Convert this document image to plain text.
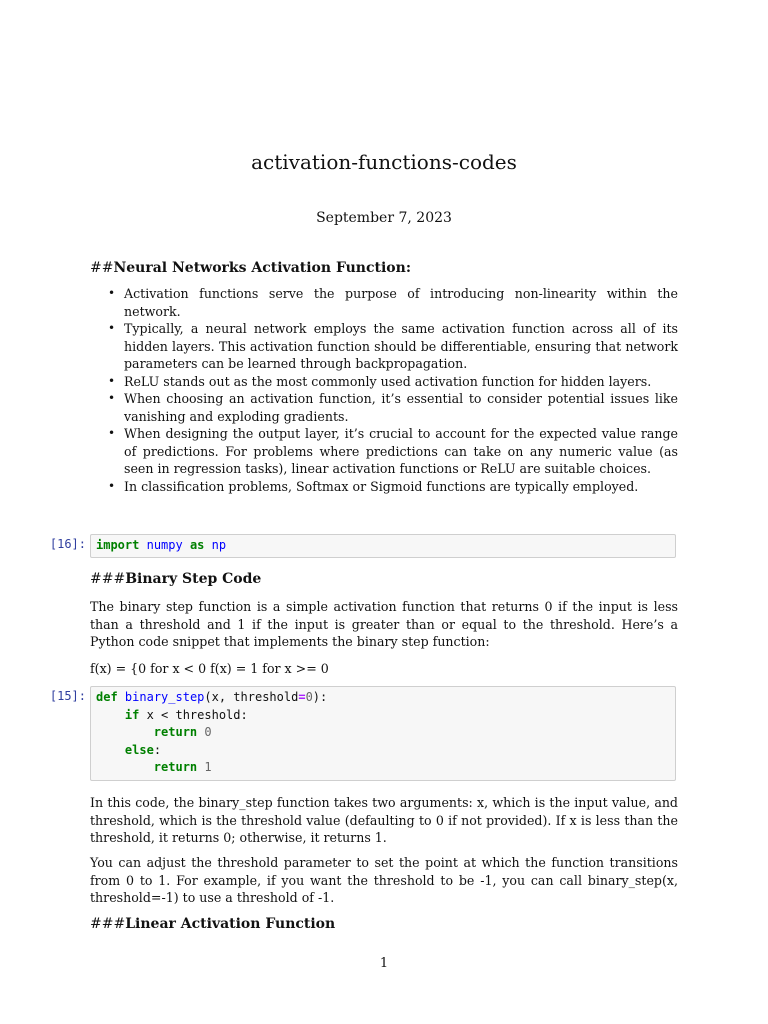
activation-functions-codes
September 7, 2023
##Neural Networks Activation Function:
• Activation functions serve the purpose of introducing non-linearity within the network.
• Typically, a neural network employs the same activation function across all of its hidden layers. This activation function should be differentiable, ensuring that network parameters can be learned through backpropagation.
• ReLU stands out as the most commonly used activation function for hidden layers.
• When choosing an activation function, it’s essential to consider potential issues like vanishing and exploding gradients.
• When designing the output layer, it’s crucial to account for the expected value range of predictions. For problems where predictions can take on any numeric value (as seen in regression tasks), linear activation functions or ReLU are suitable choices.
• In classification problems, Softmax or Sigmoid functions are typically employed.
[16]: import numpy as np
###Binary Step Code

The binary step function is a simple activation function that returns 0 if the input is less than a threshold and 1 if the input is greater than or equal to the threshold. Here’s a Python code snippet that implements the binary step function:

f(x) = {0 for x < 0 f(x) = 1 for x >= 0

[15]: def binary_step(x, threshold=0):
if x < threshold:
return 0
else:
return 1

In this code, the binary_step function takes two arguments: x, which is the input value, and threshold, which is the threshold value (defaulting to 0 if not provided). If x is less than the threshold, it returns 0; otherwise, it returns 1.

You can adjust the threshold parameter to set the point at which the function transitions from 0 to 1. For example, if you want the threshold to be -1, you can call binary_step(x, threshold=-1) to use a threshold of -1.

###Linear Activation Function
1
